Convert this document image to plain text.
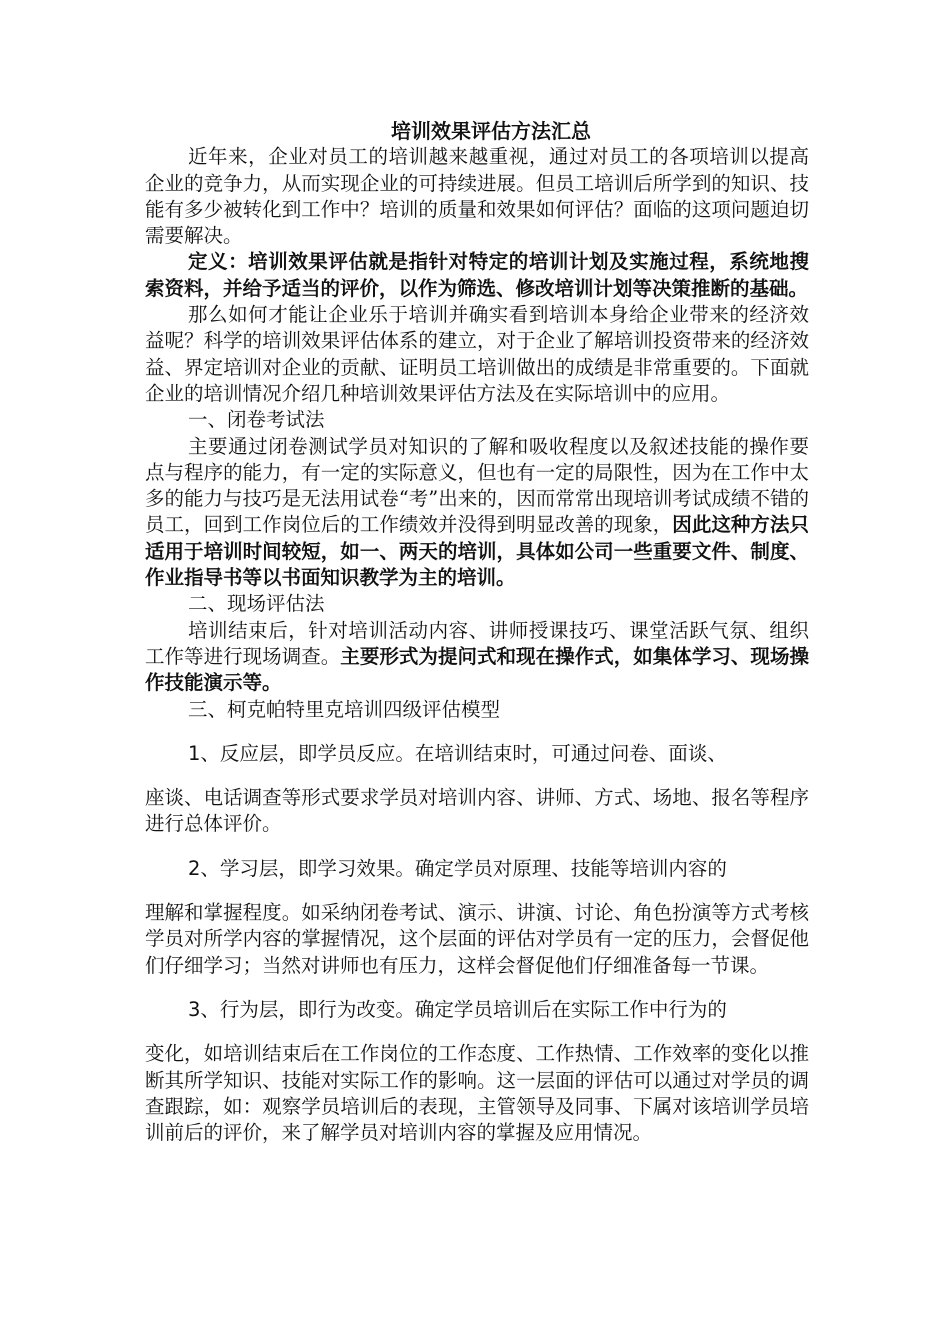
培训效果评估方法汇总

近年来，企业对员工的培训越来越重视，通过对员工的各项培训以提高企业的竞争力，从而实现企业的可持续进展。但员工培训后所学到的知识、技能有多少被转化到工作中？培训的质量和效果如何评估？面临的这项问题迫切需要解决。

定义：培训效果评估就是指针对特定的培训计划及实施过程，系统地搜索资料，并给予适当的评价，以作为筛选、修改培训计划等决策推断的基础。

那么如何才能让企业乐于培训并确实看到培训本身给企业带来的经济效益呢？科学的培训效果评估体系的建立，对于企业了解培训投资带来的经济效益、界定培训对企业的贡献、证明员工培训做出的成绩是非常重要的。下面就企业的培训情况介绍几种培训效果评估方法及在实际培训中的应用。

一、闭卷考试法

主要通过闭卷测试学员对知识的了解和吸收程度以及叙述技能的操作要点与程序的能力，有一定的实际意义，但也有一定的局限性，因为在工作中太多的能力与技巧是无法用试卷“考”出来的，因而常常出现培训考试成绩不错的员工，回到工作岗位后的工作绩效并没得到明显改善的现象，因此这种方法只适用于培训时间较短，如一、两天的培训，具体如公司一些重要文件、制度、作业指导书等以书面知识教学为主的培训。

二、现场评估法

培训结束后，针对培训活动内容、讲师授课技巧、课堂活跃气氛、组织工作等进行现场调查。主要形式为提问式和现在操作式，如集体学习、现场操作技能演示等。

三、柯克帕特里克培训四级评估模型

1、反应层，即学员反应。在培训结束时，可通过问卷、面谈、

座谈、电话调查等形式要求学员对培训内容、讲师、方式、场地、报名等程序进行总体评价。

2、学习层，即学习效果。确定学员对原理、技能等培训内容的

理解和掌握程度。如采纳闭卷考试、演示、讲演、讨论、角色扮演等方式考核学员对所学内容的掌握情况，这个层面的评估对学员有一定的压力，会督促他们仔细学习；当然对讲师也有压力，这样会督促他们仔细准备每一节课。

3、行为层，即行为改变。确定学员培训后在实际工作中行为的

变化，如培训结束后在工作岗位的工作态度、工作热情、工作效率的变化以推断其所学知识、技能对实际工作的影响。这一层面的评估可以通过对学员的调查跟踪，如：观察学员培训后的表现，主管领导及同事、下属对该培训学员培训前后的评价，来了解学员对培训内容的掌握及应用情况。
